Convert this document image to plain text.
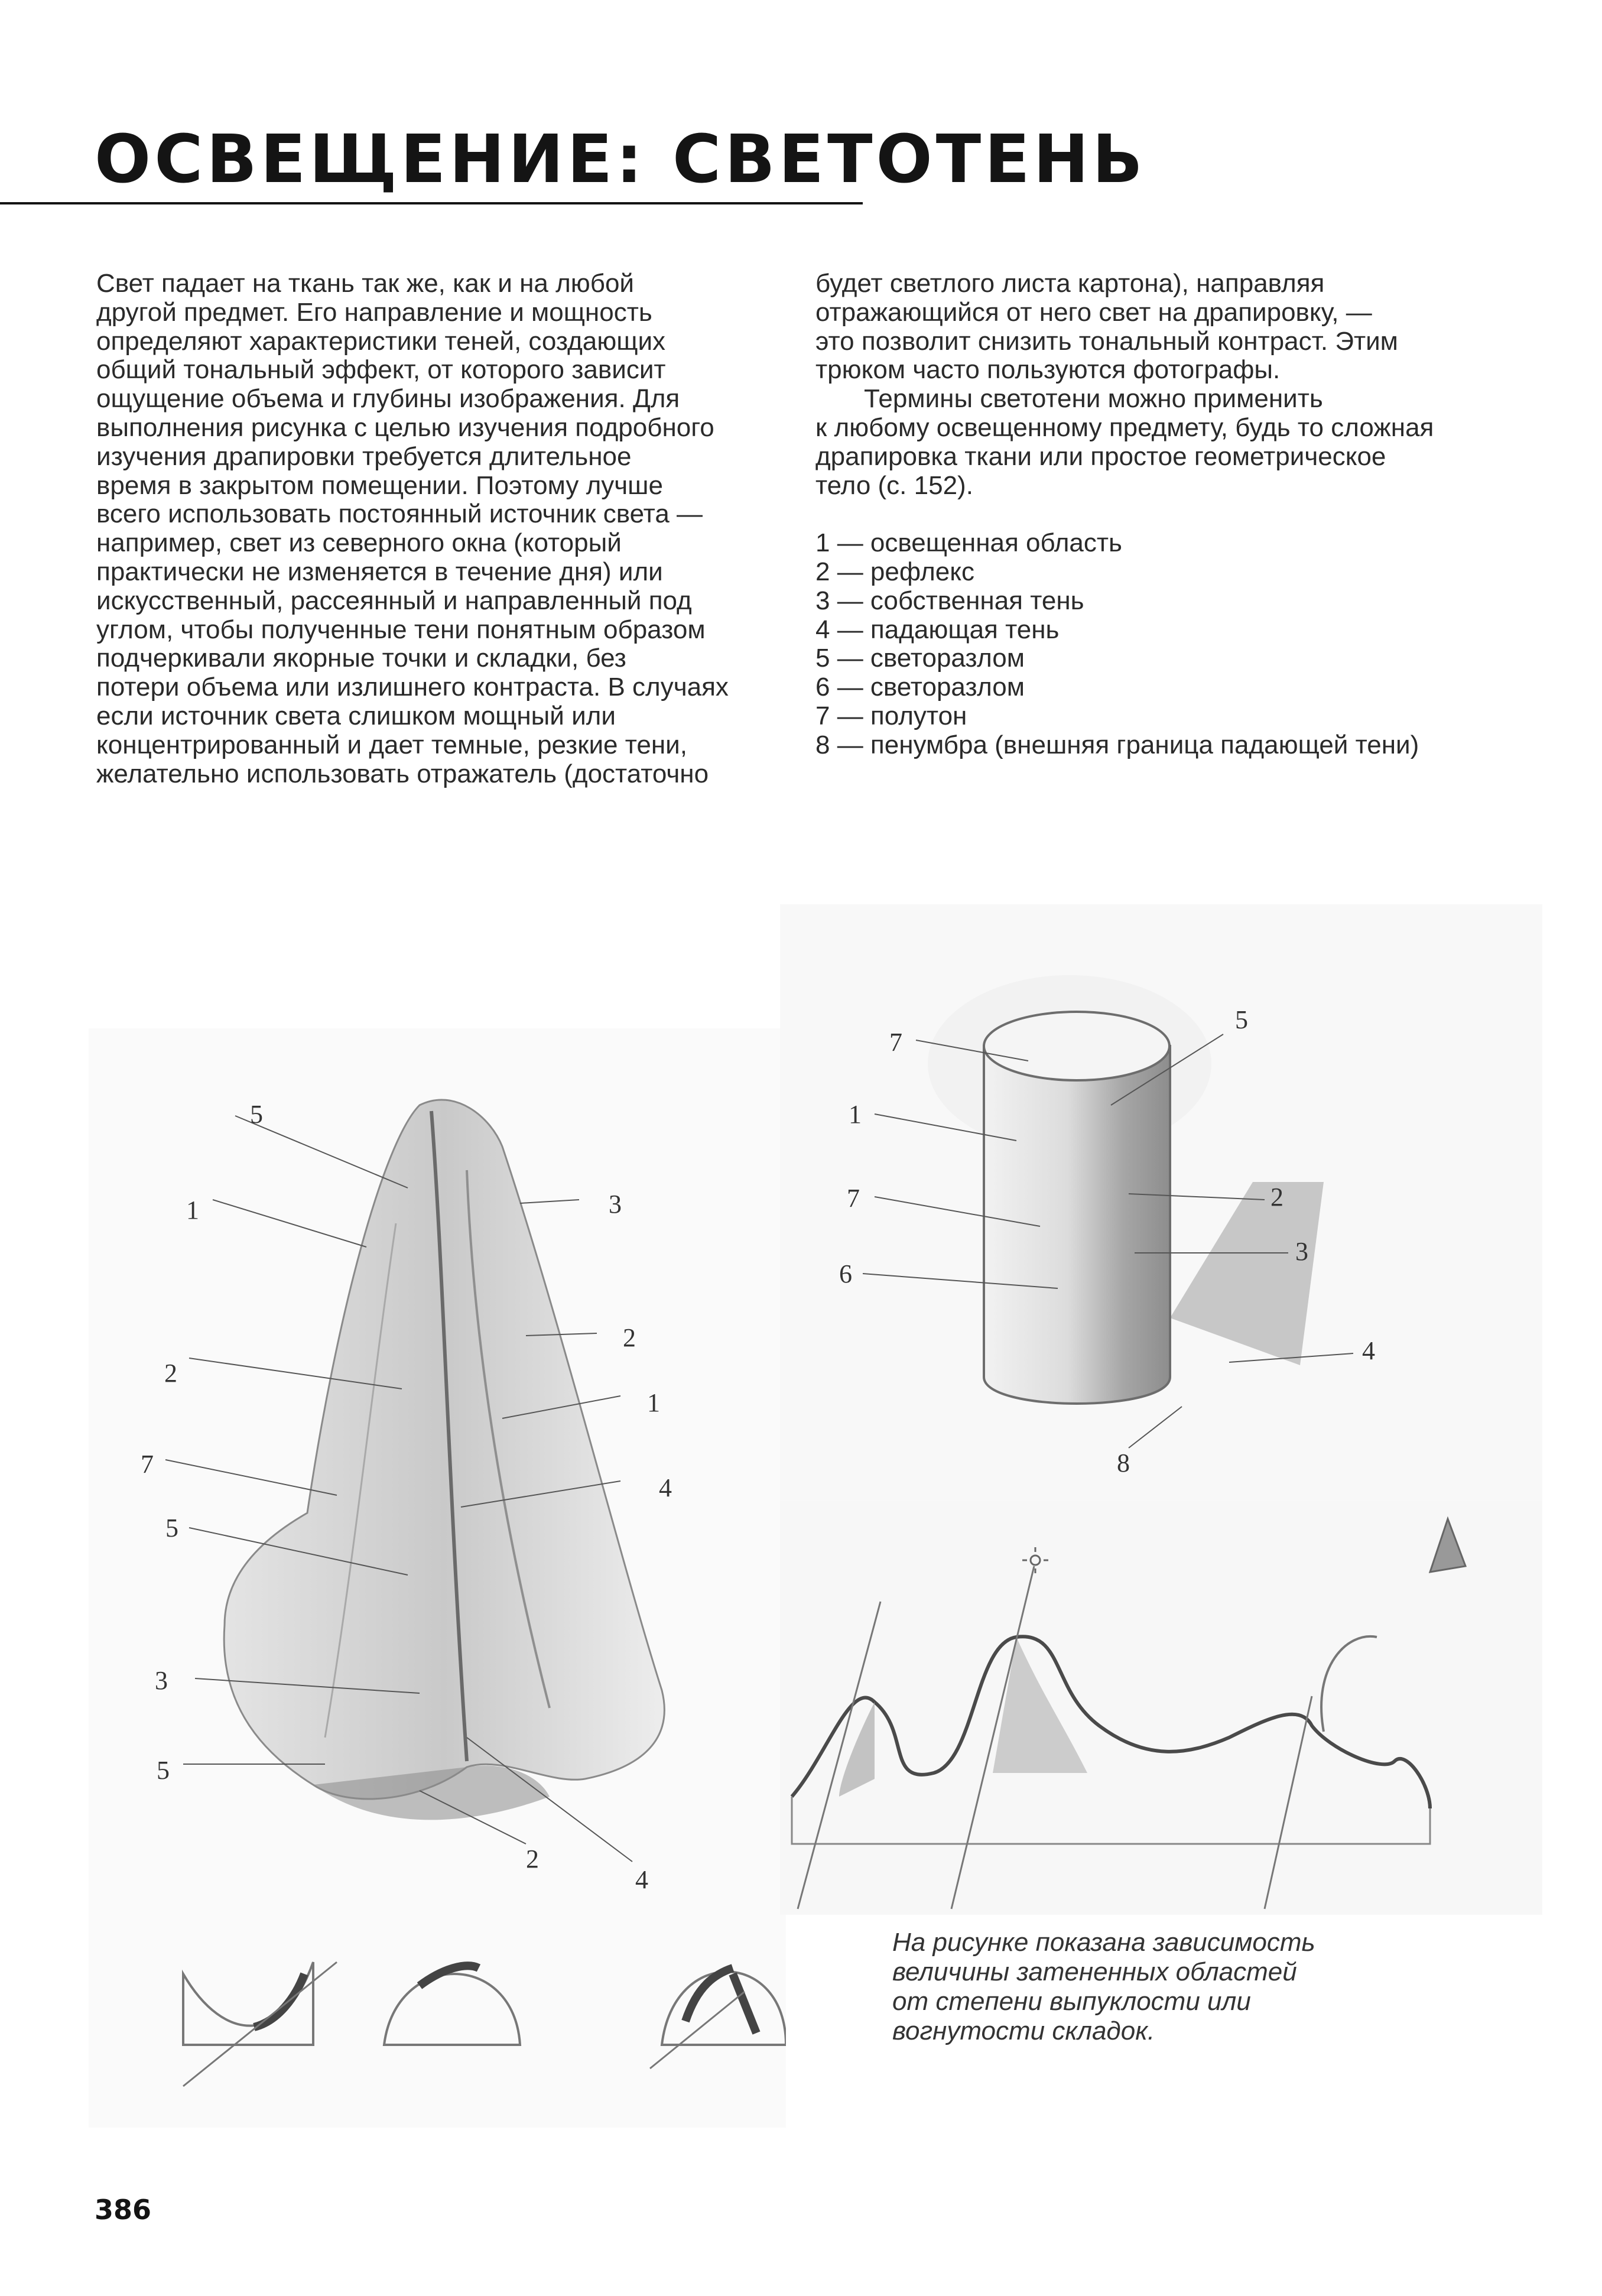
ОСВЕЩЕНИЕ: СВЕТОТЕНЬ

Свет падает на ткань так же, как и на любой

другой предмет. Его направление и мощность

определяют характеристики теней, создающих

общий тональный эффект, от которого зависит

ощущение объема и глубины изображения. Для

выполнения рисунка с целью изучения подробного

изучения драпировки требуется длительное

время в закрытом помещении. Поэтому лучше

всего использовать постоянный источник света —

например, свет из северного окна (который

практически не изменяется в течение дня) или

искусственный, рассеянный и направленный под

углом, чтобы полученные тени понятным образом

подчеркивали якорные точки и складки, без

потери объема или излишнего контраста. В случаях

если источник света слишком мощный или

концентрированный и дает темные, резкие тени,

желательно использовать отражатель (достаточно

будет светлого листа картона), направляя

отражающийся от него свет на драпировку, —

это позволит снизить тональный контраст. Этим

трюком часто пользуются фотографы.

Термины светотени можно применить

к любому освещенному предмету, будь то сложная

драпировка ткани или простое геометрическое

тело (с. 152).

1 — освещенная область

2 — рефлекс

3 — собственная тень

4 — падающая тень

5 — светоразлом

6 — светоразлом

7 — полутон

8 — пенумбра (внешняя граница падающей тени)

5
1	3
2
2
1
7
4
5
3
5
2
4
7
5
1
2
7
3
6
4
8
На рисунке показана зависимость
величины затененных областей
от степени выпуклости или
вогнутости складок.
386
